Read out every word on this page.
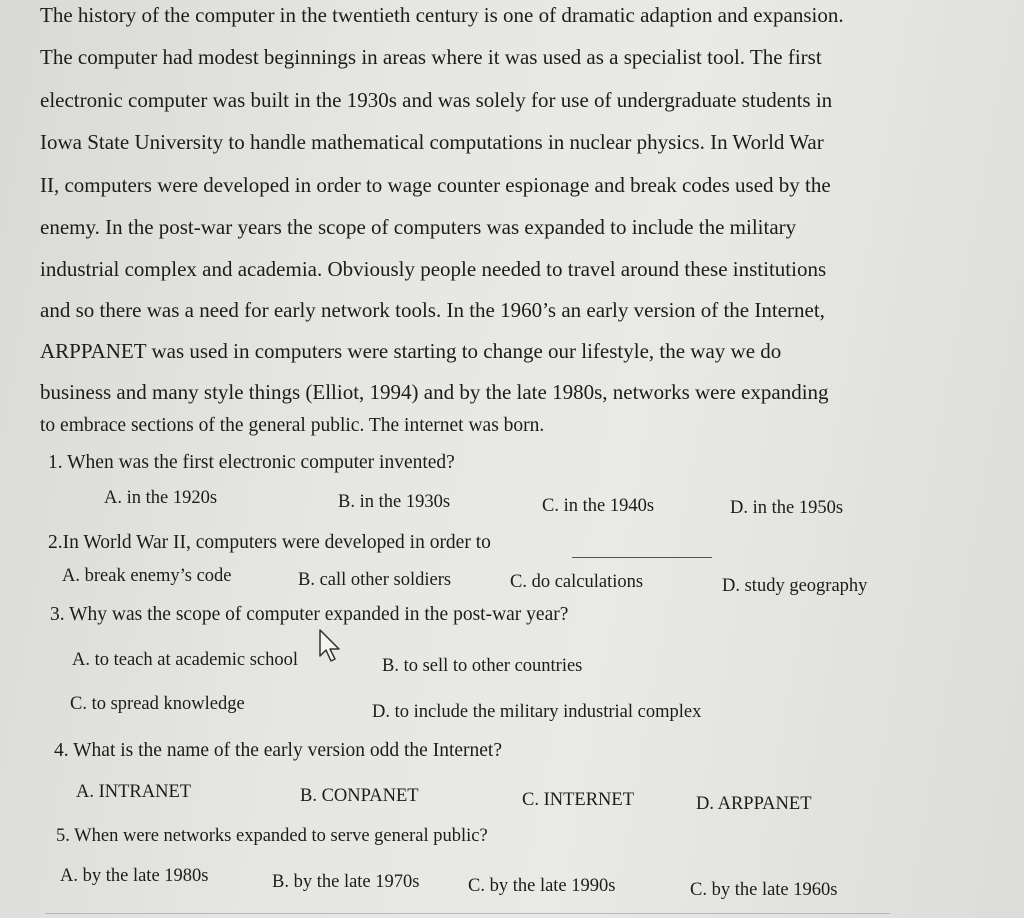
The history of the computer in the twentieth century is one of dramatic adaption and expansion.
The computer had modest beginnings in areas where it was used as a specialist tool. The first
electronic computer was built in the 1930s and was solely for use of undergraduate students in
Iowa State University to handle mathematical computations in nuclear physics. In World War
II, computers were developed in order to wage counter espionage and break codes used by the
enemy. In the post-war years the scope of computers was expanded to include the military
industrial complex and academia. Obviously people needed to travel around these institutions
and so there was a need for early network tools. In the 1960’s an early version of the Internet,
ARPPANET was used in computers were starting to change our lifestyle, the way we do
business and many style things (Elliot, 1994) and by the late 1980s, networks were expanding
to embrace sections of the general public. The internet was born.
1. When was the first electronic computer invented?
A. in the 1920s	B. in the 1930s	C. in the 1940s	D. in the 1950s
2.In World War II, computers were developed in order to
A. break enemy’s code	B. call other soldiers	C. do calculations	D. study geography
3. Why was the scope of computer expanded in the post-war year?
A. to teach at academic school	B. to sell to other countries
C. to spread knowledge	D. to include the military industrial complex
4. What is the name of the early version odd the Internet?
A. INTRANET	B. CONPANET	C. INTERNET	D. ARPPANET
5. When were networks expanded to serve general public?
A. by the late 1980s	B. by the late 1970s	C. by the late 1990s	C. by the late 1960s
